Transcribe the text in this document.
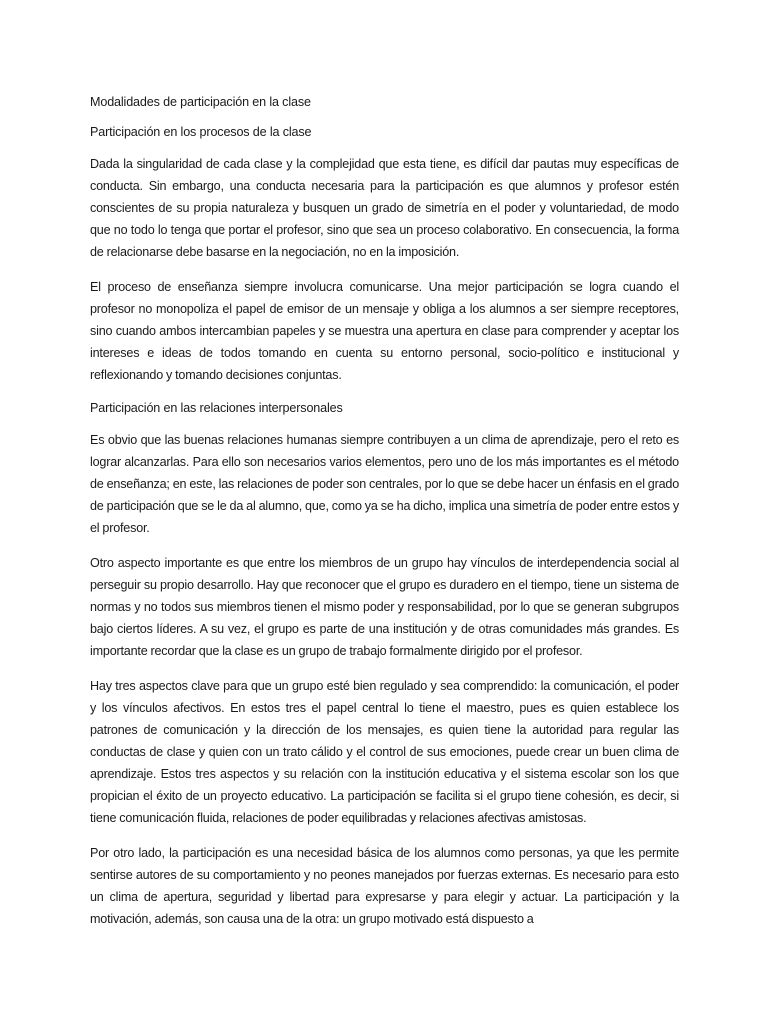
Modalidades de participación en la clase

Participación en los procesos de la clase

Dada la singularidad de cada clase y la complejidad que esta tiene, es difícil dar pautas muy específicas de conducta. Sin embargo, una conducta necesaria para la participación es que alumnos y profesor estén conscientes de su propia naturaleza y busquen un grado de simetría en el poder y voluntariedad, de modo que no todo lo tenga que portar el profesor, sino que sea un proceso colaborativo. En consecuencia, la forma de relacionarse debe basarse en la negociación, no en la imposición.

El proceso de enseñanza siempre involucra comunicarse. Una mejor participación se logra cuando el profesor no monopoliza el papel de emisor de un mensaje y obliga a los alumnos a ser siempre receptores, sino cuando ambos intercambian papeles y se muestra una apertura en clase para comprender y aceptar los intereses e ideas de todos tomando en cuenta su entorno personal, socio-político e institucional y reflexionando y tomando decisiones conjuntas.

Participación en las relaciones interpersonales

Es obvio que las buenas relaciones humanas siempre contribuyen a un clima de aprendizaje, pero el reto es lograr alcanzarlas. Para ello son necesarios varios elementos, pero uno de los más importantes es el método de enseñanza; en este, las relaciones de poder son centrales, por lo que se debe hacer un énfasis en el grado de participación que se le da al alumno, que, como ya se ha dicho, implica una simetría de poder entre estos y el profesor.

Otro aspecto importante es que entre los miembros de un grupo hay vínculos de interdependencia social al perseguir su propio desarrollo. Hay que reconocer que el grupo es duradero en el tiempo, tiene un sistema de normas y no todos sus miembros tienen el mismo poder y responsabilidad, por lo que se generan subgrupos bajo ciertos líderes. A su vez, el grupo es parte de una institución y de otras comunidades más grandes. Es importante recordar que la clase es un grupo de trabajo formalmente dirigido por el profesor.

Hay tres aspectos clave para que un grupo esté bien regulado y sea comprendido: la comunicación, el poder y los vínculos afectivos. En estos tres el papel central lo tiene el maestro, pues es quien establece los patrones de comunicación y la dirección de los mensajes, es quien tiene la autoridad para regular las conductas de clase y quien con un trato cálido y el control de sus emociones, puede crear un buen clima de aprendizaje. Estos tres aspectos y su relación con la institución educativa y el sistema escolar son los que propician el éxito de un proyecto educativo. La participación se facilita si el grupo tiene cohesión, es decir, si tiene comunicación fluida, relaciones de poder equilibradas y relaciones afectivas amistosas.

Por otro lado, la participación es una necesidad básica de los alumnos como personas, ya que les permite sentirse autores de su comportamiento y no peones manejados por fuerzas externas. Es necesario para esto un clima de apertura, seguridad y libertad para expresarse y para elegir y actuar. La participación y la motivación, además, son causa una de la otra: un grupo motivado está dispuesto a
